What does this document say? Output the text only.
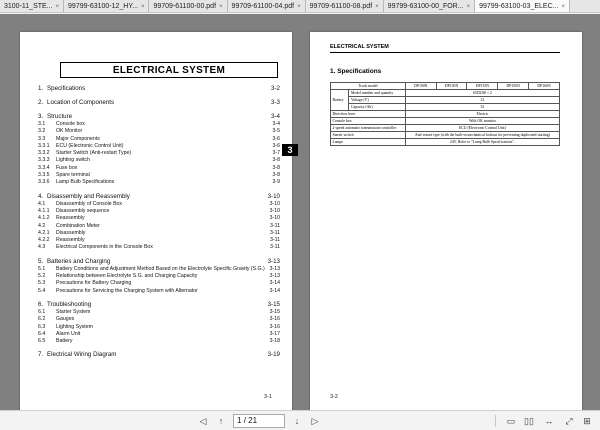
3100-11_STE... ×	99799-63100-12_HY... ×	99709-61100-00.pdf ×	99709-61100-04.pdf ×	99709-61100-08.pdf ×	99799-63100-00_FOR... ×	99799-63100-03_ELEC... ×
ELECTRICAL SYSTEM
1. Specifications	3-2
2. Location of Components	3-3
3. Structure	3-4
3.1 Console box	3-4
3.2 OK Monitor	3-5
3.3 Major Components	3-6
3.3.1 ECU (Electronic Control Unit)	3-6
3.3.2 Starter Switch (Anti-restart Type)	3-7
3.3.3 Lighting switch	3-8
3.3.4 Fuse box	3-8
3.3.5 Spare terminal	3-8
3.3.6 Lamp Bulb Specifications	3-9
4. Disassembly and Reassembly	3-10
4.1 Disassembly of Console Box	3-10
4.1.1 Disassembly sequence	3-10
4.1.2 Reassembly	3-10
4.2 Combination Meter	3-11
4.2.1 Disassembly	3-11
4.2.2 Reassembly	3-11
4.3 Electrical Components in the Console Box	3-11
5. Batteries and Charging	3-13
5.1 Battery Conditions and Adjustment Method Based on the Electrolyte Specific Gravity (S.G.) 3-13
5.2 Relationship between Electrolyte S.G. and Charging Capacity	3-13
5.3 Precautions for Battery Charging	3-14
5.4 Precautions for Servicing the Charging System with Alternator	3-14
6. Troubleshooting	3-15
6.1 Starter System	3-15
6.2 Gauges	3-16
6.3 Lighting System	3-16
6.4 Alarm Unit	3-17
6.5 Battery	3-18
7. Electrical Wiring Diagram	3-19
3-1
3
ELECTRICAL SYSTEM
1. Specifications
Truck model		DP100N	DP130N	DP135N	DP150N	DP160N
Battery	Model number and quantity	65D23R × 2				
	Voltage (V)	12				
	Capacity (Ah)	52				
Direction lever		Electric				
Console box		With OK monitor				
2-speed automatic transmission controller		ECU (Electronic Control Unit)				
Starter switch		Anti-restart type (with the built-in mechanical lockout for preventing duplicated starting)				
Lamps		24V, Refer to "Lamp Bulb Specifications".				
3-2
◁	↑	1 / 21	↓	▷	▭ ▯▯ ↔	⤢	⊞
